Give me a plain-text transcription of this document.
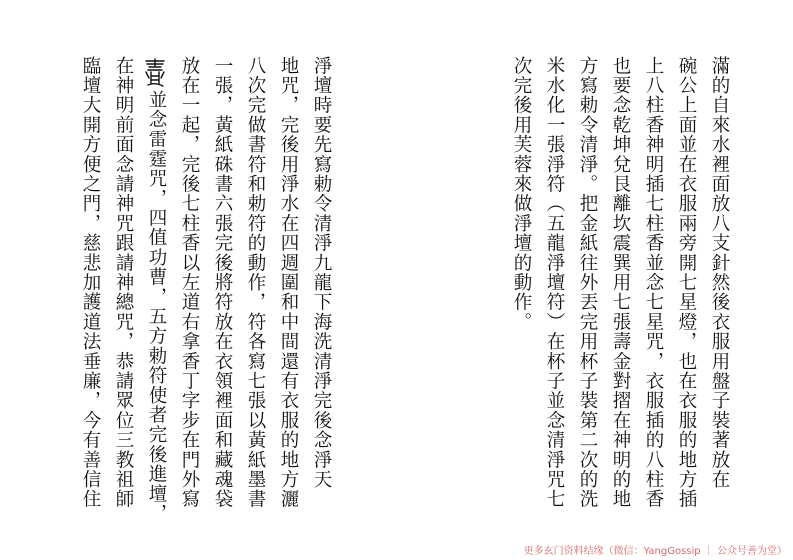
滿的自來水裡面放八支針然後衣服用盤子裝著放在
碗公上面並在衣服兩旁開七星燈，也在衣服的地方插
上八柱香神明插七柱香並念七星咒，衣服插的八柱香
也要念乾坤兌艮離坎震巽用七張壽金對摺在神明的地
方寫勅令清淨。把金紙往外丟完用杯子裝第二次的洗
米水化一張淨符（五龍淨壇符）在杯子並念清淨咒七
次完後用芙蓉來做淨壇的動作。
淨壇時要先寫勅令清淨九龍下海洗清淨完後念淨天
地咒，完後用淨水在四週圍和中間還有衣服的地方灑
八次完做書符和勅符的動作，符各寫七張以黃紙墨書
一張，黃紙硃書六張完後將符放在衣領裡面和藏魂袋
放在一起，完後七柱香以左道右拿香丁字步在門外寫
並念雷霆咒，四值功曹，五方勅符使者完後進壇，
在神明前面念請神咒跟請神總咒，恭請眾位三教祖師
臨壇大開方便之門，慈悲加護道法垂廉，今有善信住
更多玄门资料结缘（微信：YangGossip ｜ 公众号善为堂）
